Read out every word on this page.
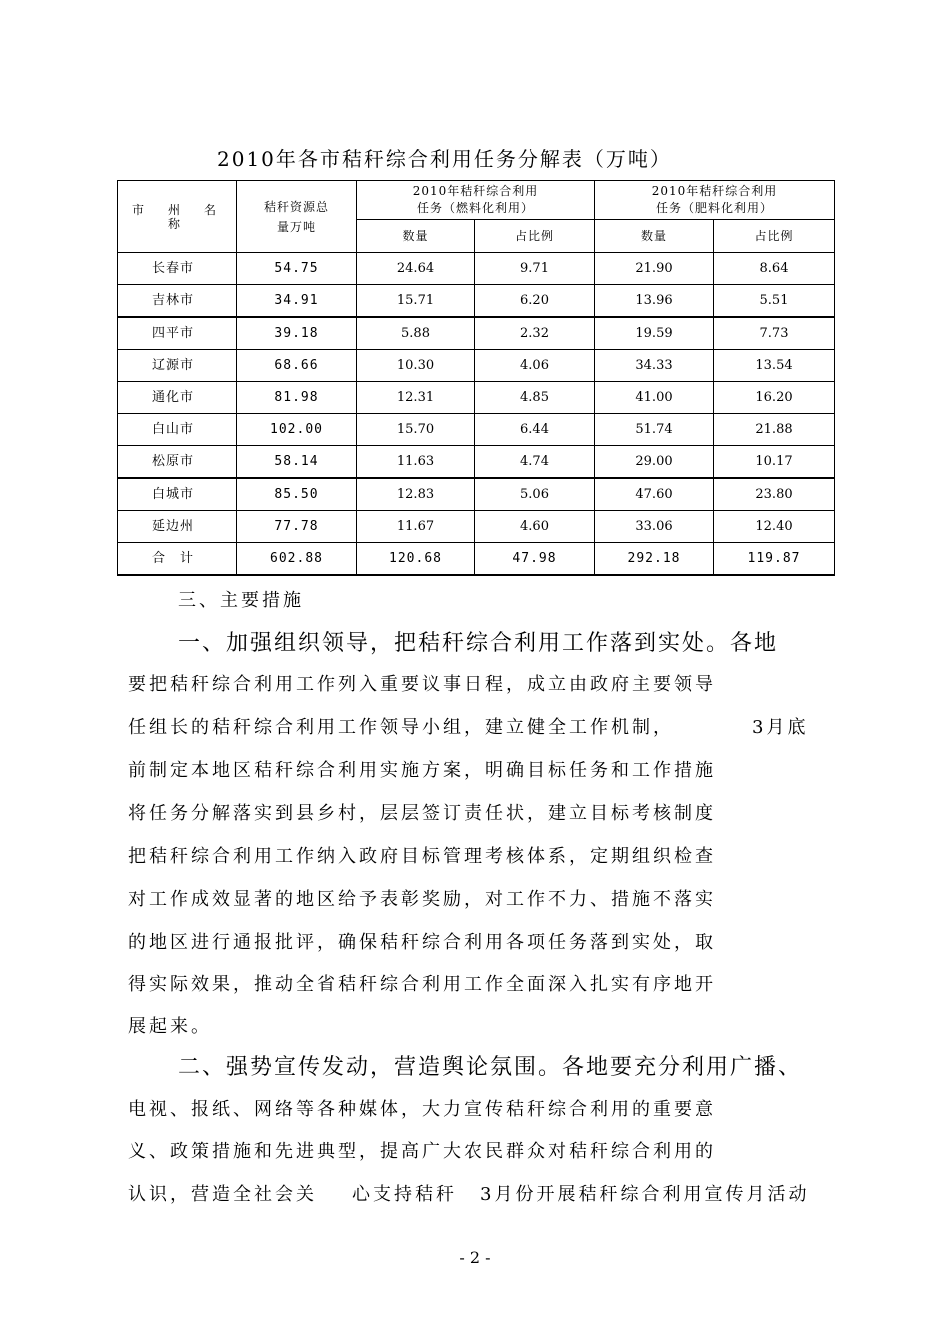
2010年各市秸秆综合利用任务分解表（万吨）
市　州　名　称	秸秆资源总量万吨	2010年秸秆综合利用任务（燃料化利用）		2010年秸秆综合利用任务（肥料化利用）	

		数量	占比例	数量	占比例
长春市	54.75	24.64	9.71	21.90	8.64
吉林市	34.91	15.71	6.20	13.96	5.51
四平市	39.18	5.88	2.32	19.59	7.73
辽源市	68.66	10.30	4.06	34.33	13.54
通化市	81.98	12.31	4.85	41.00	16.20
白山市	102.00	15.70	6.44	51.74	21.88
松原市	58.14	11.63	4.74	29.00	10.17
白城市	85.50	12.83	5.06	47.60	23.80
延边州	77.78	11.67	4.60	33.06	12.40
合　计	602.88	120.68	47.98	292.18	119.87
三、主要措施
一、加强组织领导，把秸秆综合利用工作落到实处。各地
要把秸秆综合利用工作列入重要议事日程，成立由政府主要领导
任组长的秸秆综合利用工作领导小组，建立健全工作机制，	3月底
前制定本地区秸秆综合利用实施方案，明确目标任务和工作措施
将任务分解落实到县乡村，层层签订责任状，建立目标考核制度
把秸秆综合利用工作纳入政府目标管理考核体系，定期组织检查
对工作成效显著的地区给予表彰奖励，对工作不力、措施不落实
的地区进行通报批评，确保秸秆综合利用各项任务落到实处，取
得实际效果，推动全省秸秆综合利用工作全面深入扎实有序地开
展起来。
二、强势宣传发动，营造舆论氛围。各地要充分利用广播、
电视、报纸、网络等各种媒体，大力宣传秸秆综合利用的重要意
义、政策措施和先进典型，提高广大农民群众对秸秆综合利用的
认识，营造全社会关 心支持秸秆 3月份开展秸秆综合利用宣传月活动
- 2 -
